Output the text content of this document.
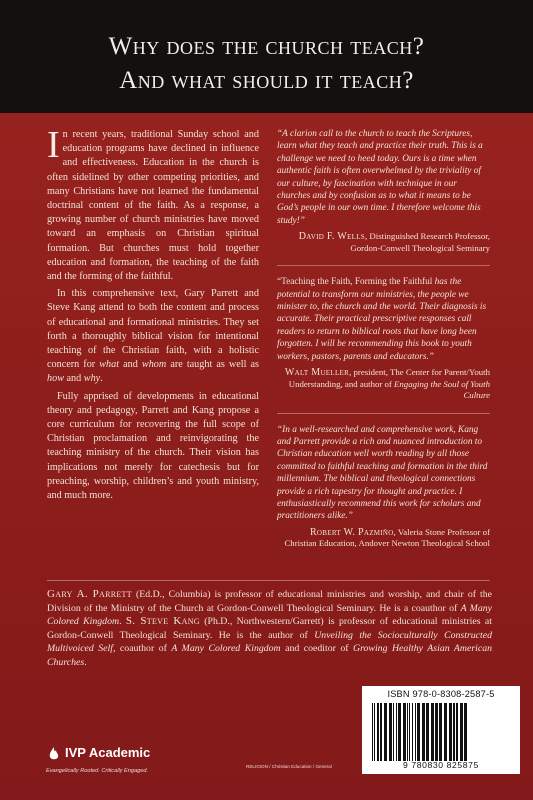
Why does the church teach?
And what should it teach?

In recent years, traditional Sunday school and education programs have declined in influence and effectiveness. Education in the church is often sidelined by other competing priorities, and many Christians have not learned the fundamental doctrinal content of the faith. As a response, a growing number of church ministries have moved toward an emphasis on Christian spiritual formation. But churches must hold together education and formation, the teaching of the faith and the forming of the faithful.

In this comprehensive text, Gary Parrett and Steve Kang attend to both the content and process of educational and formational ministries. They set forth a thoroughly biblical vision for intentional teaching of the Christian faith, with a holistic concern for what and whom are taught as well as how and why.

Fully apprised of developments in educational theory and pedagogy, Parrett and Kang propose a core curriculum for recovering the full scope of Christian proclamation and reinvigorating the teaching ministry of the church. Their vision has implications not merely for catechesis but for preaching, worship, children’s and youth ministry, and much more.

“A clarion call to the church to teach the Scriptures, learn what they teach and practice their truth. This is a challenge we need to heed today. Ours is a time when authentic faith is often overwhelmed by the triviality of our culture, by fascination with technique in our churches and by confusion as to what it means to be God’s people in our own time. I therefore welcome this study!”

David F. Wells, Distinguished Research Professor, Gordon-Conwell Theological Seminary

“Teaching the Faith, Forming the Faithful has the potential to transform our ministries, the people we minister to, the church and the world. Their diagnosis is accurate. Their practical prescriptive responses call readers to return to biblical roots that have long been forgotten. I will be recommending this book to youth workers, pastors, parents and educators.”

Walt Mueller, president, The Center for Parent/Youth Understanding, and author of Engaging the Soul of Youth Culture

“In a well-researched and comprehensive work, Kang and Parrett provide a rich and nuanced introduction to Christian education well worth reading by all those committed to faithful teaching and formation in the third millennium. The biblical and theological connections provide a rich tapestry for thought and practice. I enthusiastically recommend this work for scholars and practitioners alike.”

Robert W. Pazmiño, Valeria Stone Professor of Christian Education, Andover Newton Theological School

Gary A. Parrett (Ed.D., Columbia) is professor of educational ministries and worship, and chair of the Division of the Ministry of the Church at Gordon-Conwell Theological Seminary. He is a coauthor of A Many Colored Kingdom. S. Steve Kang (Ph.D., Northwestern/Garrett) is professor of educational ministries at Gordon-Conwell Theological Seminary. He is the author of Unveiling the Socioculturally Constructed Multivoiced Self, coauthor of A Many Colored Kingdom and coeditor of Growing Healthy Asian American Churches.
IVP Academic
Evangelically Rooted. Critically Engaged.
RELIGION / Christian Education / General
ISBN 978-0-8308-2587-5
9 780830 825875
